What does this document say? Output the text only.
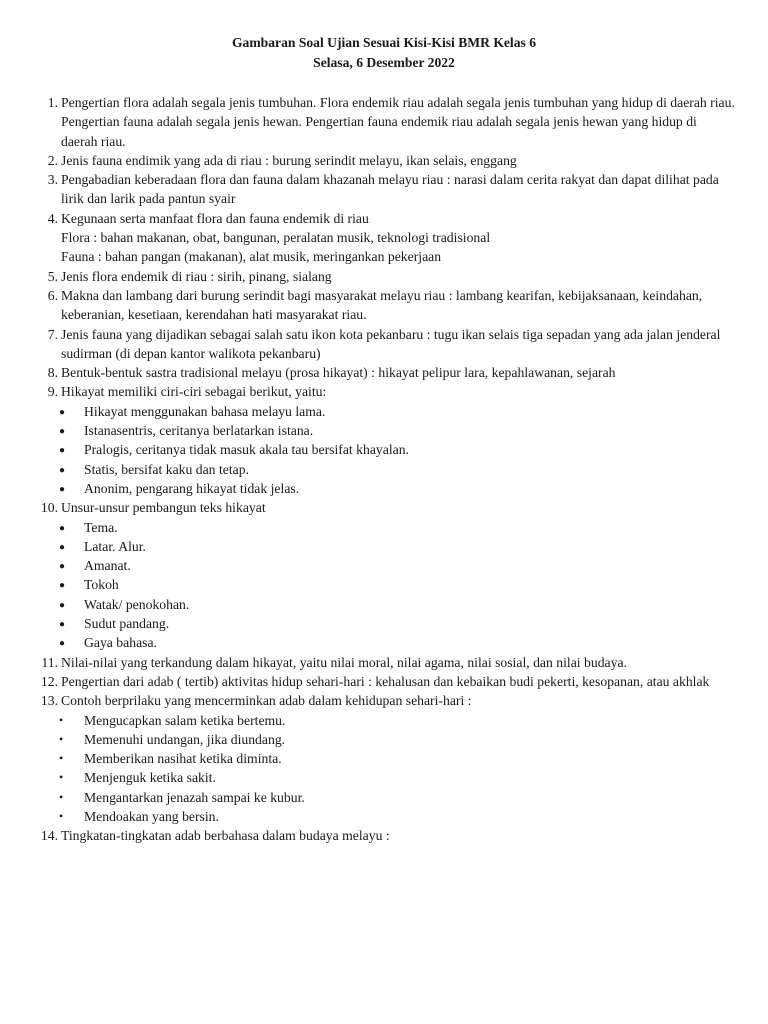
Gambaran Soal Ujian Sesuai Kisi-Kisi BMR Kelas 6
Selasa, 6 Desember 2022
1. Pengertian flora adalah segala jenis tumbuhan. Flora endemik riau adalah segala jenis tumbuhan yang hidup di daerah riau.
Pengertian fauna adalah segala jenis hewan. Pengertian fauna endemik riau adalah segala jenis hewan yang hidup di daerah riau.
2. Jenis fauna endimik yang ada di riau : burung serindit melayu, ikan selais, enggang
3. Pengabadian keberadaan flora dan fauna dalam khazanah melayu riau : narasi dalam cerita rakyat dan dapat dilihat pada lirik dan larik pada pantun syair
4. Kegunaan serta manfaat flora dan fauna endemik di riau
Flora : bahan makanan, obat, bangunan, peralatan musik, teknologi tradisional
Fauna : bahan pangan (makanan), alat musik, meringankan pekerjaan
5. Jenis flora endemik di riau : sirih, pinang, sialang
6. Makna dan lambang dari burung serindit bagi masyarakat melayu riau : lambang kearifan, kebijaksanaan, keindahan, keberanian, kesetiaan, kerendahan hati masyarakat riau.
7. Jenis fauna yang dijadikan sebagai salah satu ikon kota pekanbaru : tugu ikan selais tiga sepadan yang ada jalan jenderal sudirman (di depan kantor walikota pekanbaru)
8. Bentuk-bentuk sastra tradisional melayu (prosa hikayat) : hikayat pelipur lara, kepahlawanan, sejarah
9. Hikayat memiliki ciri-ciri sebagai berikut, yaitu:
● Hikayat menggunakan bahasa melayu lama.
● Istanasentris, ceritanya berlatarkan istana.
● Pralogis, ceritanya tidak masuk akala tau bersifat khayalan.
● Statis, bersifat kaku dan tetap.
● Anonim, pengarang hikayat tidak jelas.
10. Unsur-unsur pembangun teks hikayat
● Tema.
● Latar. Alur.
● Amanat.
● Tokoh
● Watak/ penokohan.
● Sudut pandang.
● Gaya bahasa.
11. Nilai-nilai yang terkandung dalam hikayat, yaitu nilai moral, nilai agama, nilai sosial, dan nilai budaya.
12. Pengertian dari adab ( tertib) aktivitas hidup sehari-hari : kehalusan dan kebaikan budi pekerti, kesopanan, atau akhlak
13. Contoh berprilaku yang mencerminkan adab dalam kehidupan sehari-hari :
•	Mengucapkan salam ketika bertemu.
•	Memenuhi undangan, jika diundang.
•	Memberikan nasihat ketika diminta.
•	Menjenguk ketika sakit.
•	Mengantarkan jenazah sampai ke kubur.
•	Mendoakan yang bersin.
14. Tingkatan-tingkatan adab berbahasa dalam budaya melayu :
